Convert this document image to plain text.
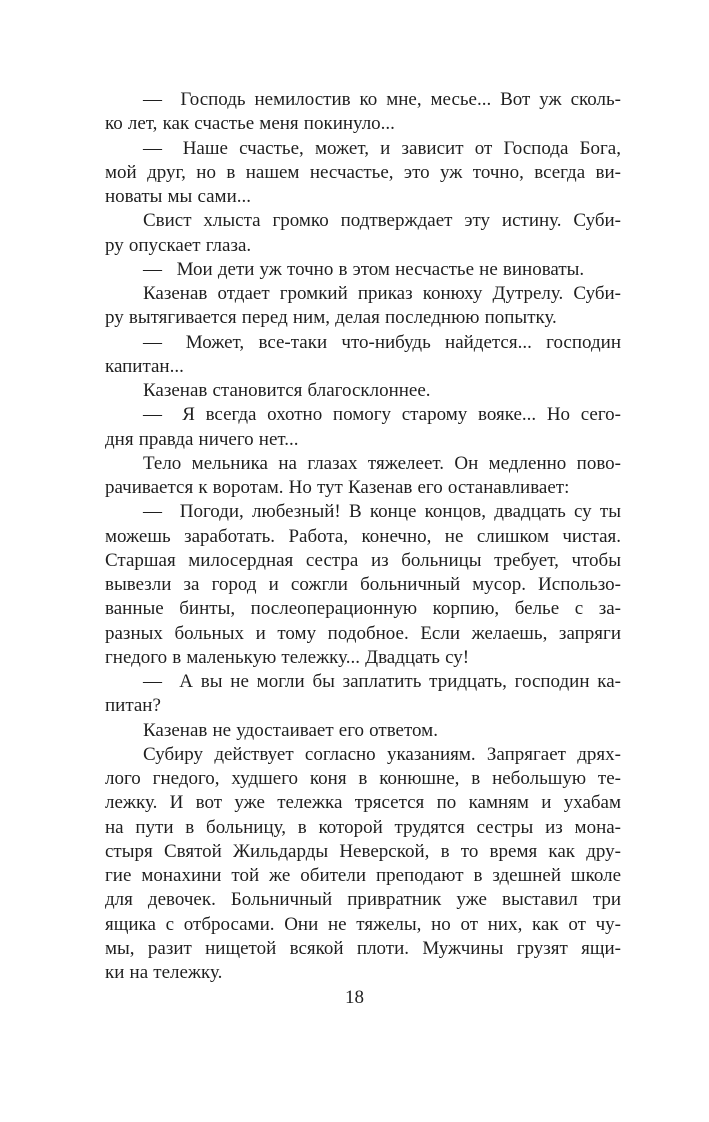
—  Господь немилостив ко мне, месье... Вот уж сколь-
ко лет, как счастье меня покинуло...
—  Наше счастье, может, и зависит от Господа Бога,
мой друг, но в нашем несчастье, это уж точно, всегда ви-
новаты мы сами...
Свист хлыста громко подтверждает эту истину. Суби-
ру опускает глаза.
—  Мои дети уж точно в этом несчастье не виноваты.
Казенав отдает громкий приказ конюху Дутрелу. Суби-
ру вытягивается перед ним, делая последнюю попытку.
—  Может, все-таки что-нибудь найдется... господин
капитан...
Казенав становится благосклоннее.
—  Я всегда охотно помогу старому вояке... Но сего-
дня правда ничего нет...
Тело мельника на глазах тяжелеет. Он медленно пово-
рачивается к воротам. Но тут Казенав его останавливает:
—  Погоди, любезный! В конце концов, двадцать су ты
можешь заработать. Работа, конечно, не слишком чистая.
Старшая милосердная сестра из больницы требует, чтобы
вывезли за город и сожгли больничный мусор. Использо-
ванные бинты, послеоперационную корпию, белье с за-
разных больных и тому подобное. Если желаешь, запряги
гнедого в маленькую тележку... Двадцать су!
—  А вы не могли бы заплатить тридцать, господин ка-
питан?
Казенав не удостаивает его ответом.
Субиру действует согласно указаниям. Запрягает дрях-
лого гнедого, худшего коня в конюшне, в небольшую те-
лежку. И вот уже тележка трясется по камням и ухабам
на пути в больницу, в которой трудятся сестры из мона-
стыря Святой Жильдарды Неверской, в то время как дру-
гие монахини той же обители преподают в здешней школе
для девочек. Больничный привратник уже выставил три
ящика с отбросами. Они не тяжелы, но от них, как от чу-
мы, разит нищетой всякой плоти. Мужчины грузят ящи-
ки на тележку.
18
